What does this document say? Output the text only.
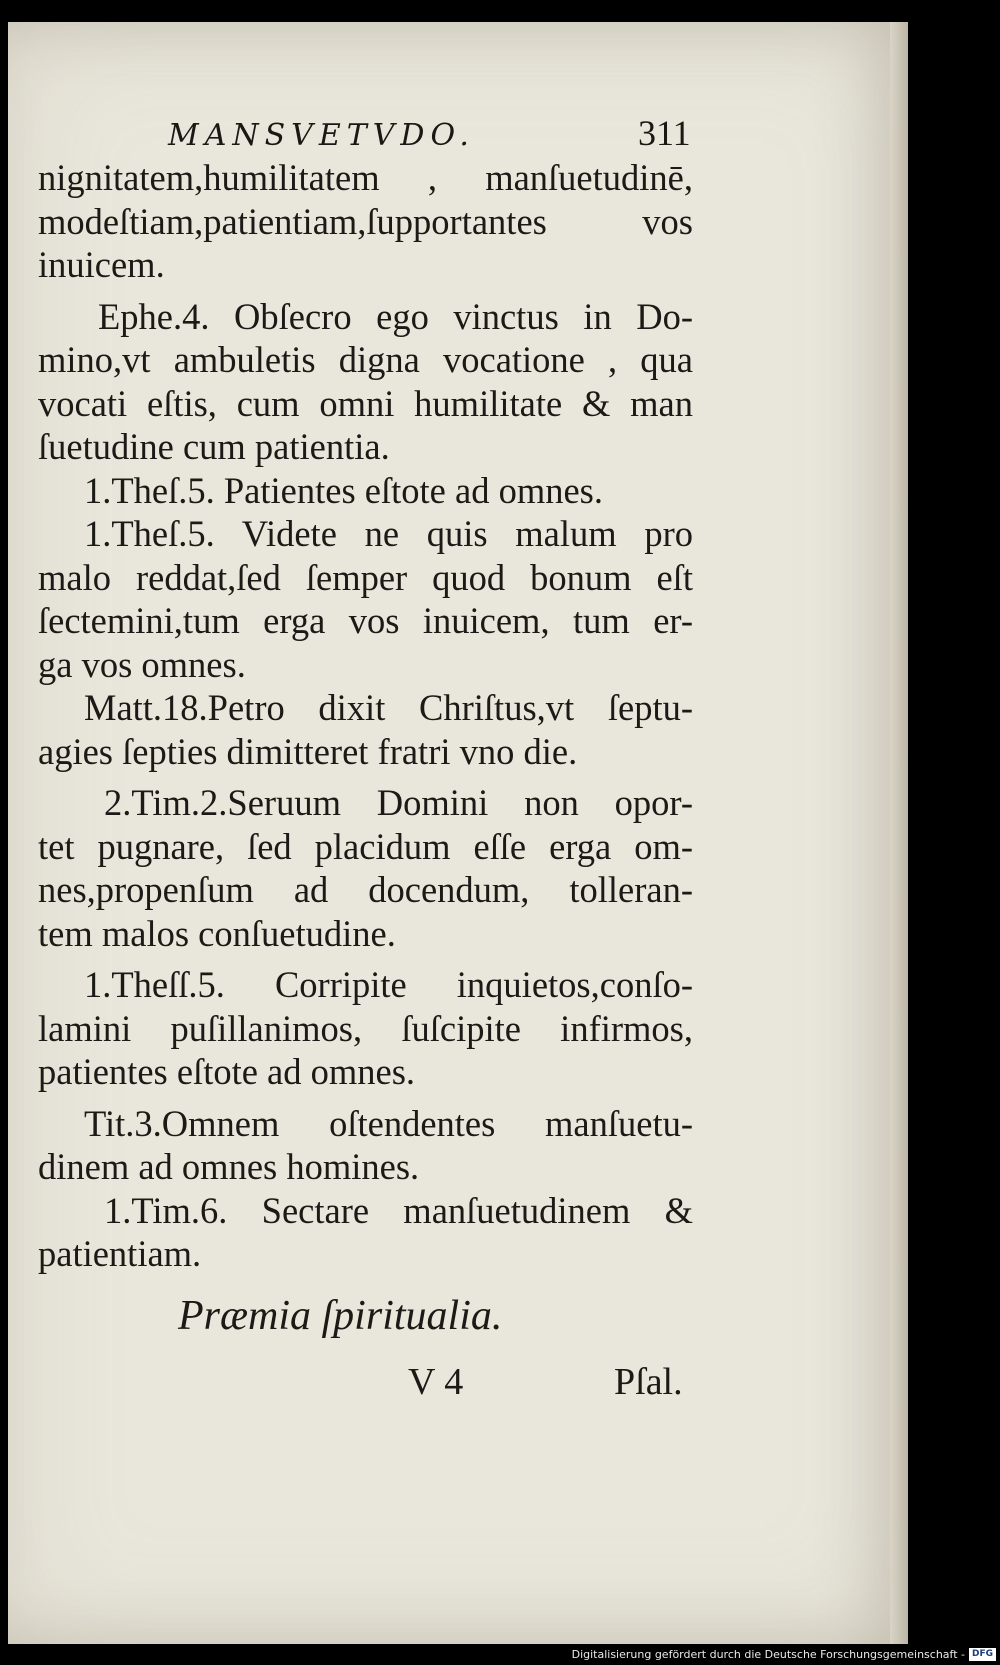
MANSVETVDO.	311
nignitatem,humilitatem , manſuetudinē,
modeſtiam,patientiam,ſupportantes vos
inuicem.
Ephe.4. Obſecro ego vinctus in Do-
mino,vt ambuletis digna vocatione , qua
vocati eſtis, cum omni humilitate & man
ſuetudine cum patientia.
1.Theſ.5. Patientes eſtote ad omnes.
1.Theſ.5. Videte ne quis malum pro
malo reddat,ſed ſemper quod bonum eſt
ſectemini,tum erga vos inuicem, tum er-
ga vos omnes.
Matt.18.Petro dixit Chriſtus,vt ſeptu-
agies ſepties dimitteret fratri vno die.
2.Tim.2.Seruum Domini non opor-
tet pugnare, ſed placidum eſſe erga om-
nes,propenſum ad docendum, tolleran-
tem malos conſuetudine.
1.Theſſ.5. Corripite inquietos,conſo-
lamini puſillanimos, ſuſcipite infirmos,
patientes eſtote ad omnes.
Tit.3.Omnem oſtendentes manſuetu-
dinem ad omnes homines.
1.Tim.6. Sectare manſuetudinem &
patientiam.
Præmia ſpiritualia.
V 4	Pſal.
Digitalisierung gefördert durch die Deutsche Forschungsgemeinschaft - DFG
